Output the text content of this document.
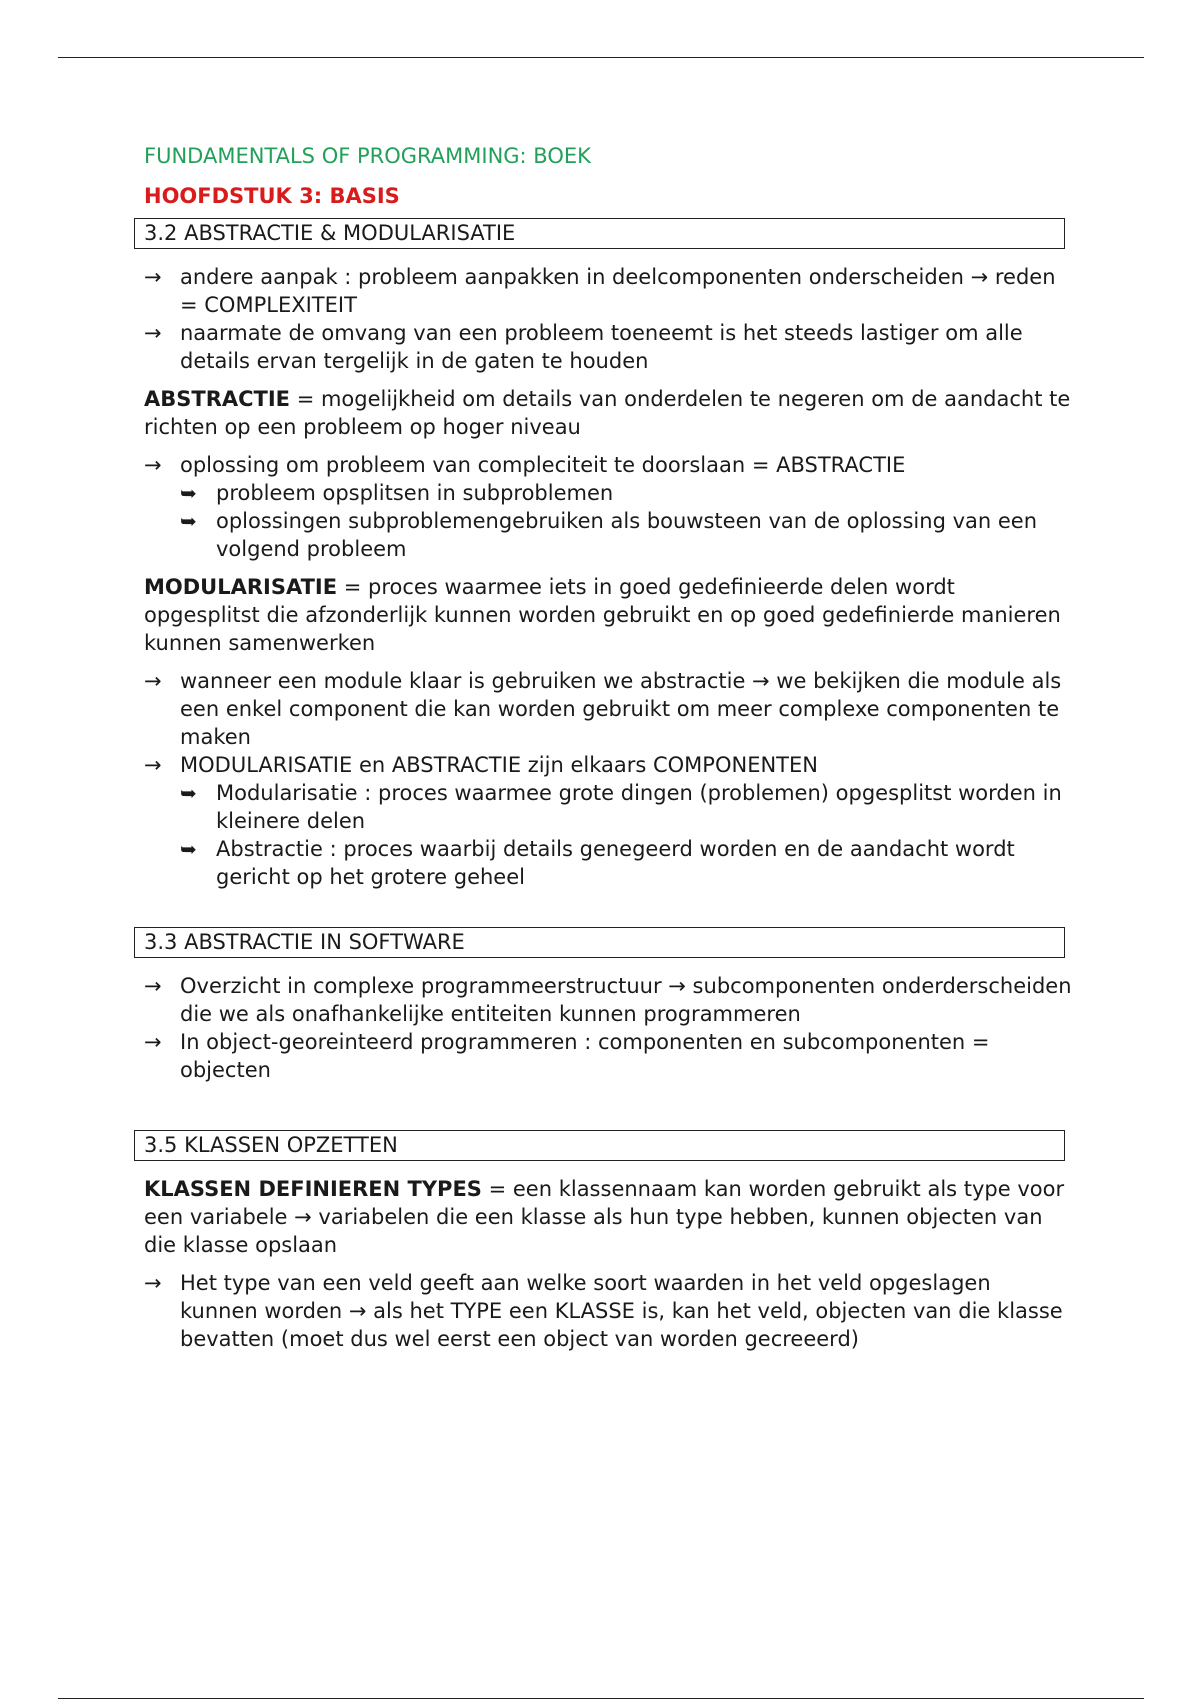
FUNDAMENTALS OF PROGRAMMING: BOEK
HOOFDSTUK 3: BASIS
3.2 ABSTRACTIE & MODULARISATIE
→ andere aanpak : probleem aanpakken in deelcomponenten onderscheiden → reden = COMPLEXITEIT
→ naarmate de omvang van een probleem toeneemt is het steeds lastiger om alle details ervan tergelijk in de gaten te houden

ABSTRACTIE = mogelijkheid om details van onderdelen te negeren om de aandacht te richten op een probleem op hoger niveau

→ oplossing om probleem van compleciteit te doorslaan = ABSTRACTIE
➥ probleem opsplitsen in subproblemen
➥ oplossingen subproblemengebruiken als bouwsteen van de oplossing van een volgend probleem

MODULARISATIE = proces waarmee iets in goed gedefinieerde delen wordt opgesplitst die afzonderlijk kunnen worden gebruikt en op goed gedefinierde manieren kunnen samenwerken

→ wanneer een module klaar is gebruiken we abstractie → we bekijken die module als een enkel component die kan worden gebruikt om meer complexe componenten te maken
→ MODULARISATIE en ABSTRACTIE zijn elkaars COMPONENTEN
➥ Modularisatie : proces waarmee grote dingen (problemen) opgesplitst worden in kleinere delen
➥ Abstractie : proces waarbij details genegeerd worden en de aandacht wordt gericht op het grotere geheel
3.3 ABSTRACTIE IN SOFTWARE
→ Overzicht in complexe programmeerstructuur → subcomponenten onderderscheiden die we als onafhankelijke entiteiten kunnen programmeren
→ In object-georeinteerd programmeren : componenten en subcomponenten = objecten
3.5 KLASSEN OPZETTEN

KLASSEN DEFINIEREN TYPES = een klassennaam kan worden gebruikt als type voor een variabele → variabelen die een klasse als hun type hebben, kunnen objecten van die klasse opslaan

→ Het type van een veld geeft aan welke soort waarden in het veld opgeslagen kunnen worden → als het TYPE een KLASSE is, kan het veld, objecten van die klasse bevatten (moet dus wel eerst een object van worden gecreeerd)
